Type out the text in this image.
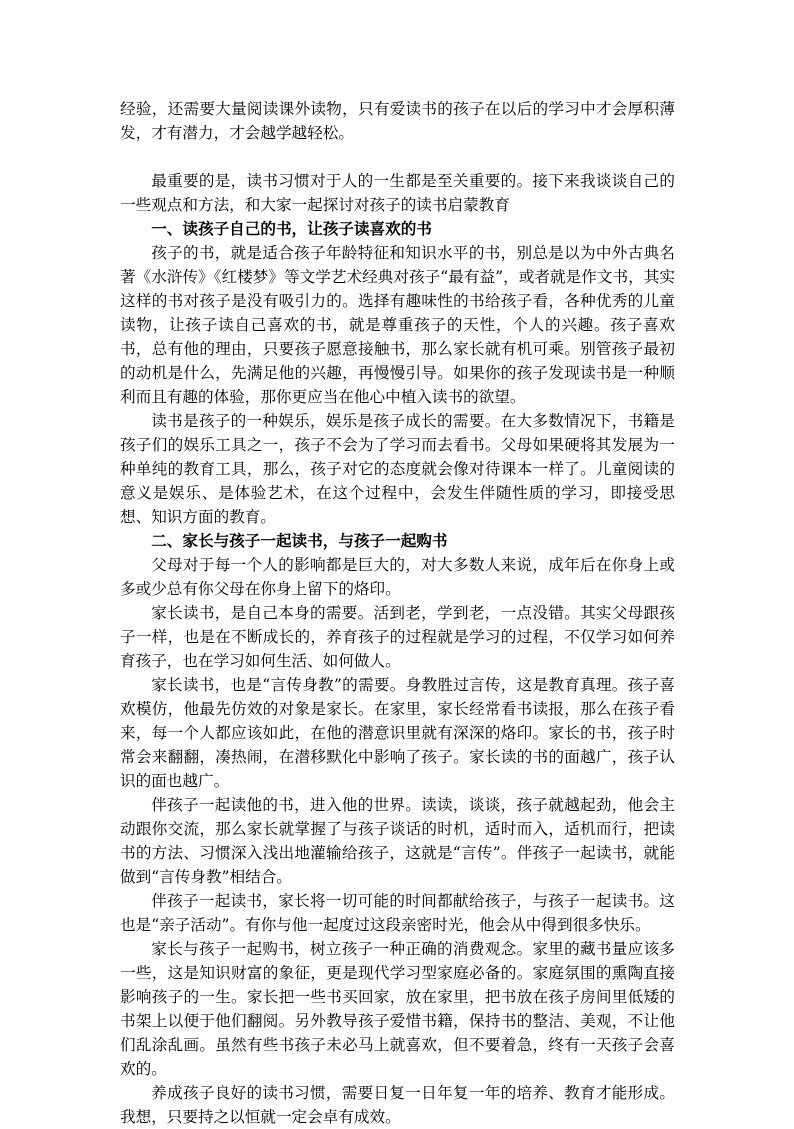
经验，还需要大量阅读课外读物，只有爱读书的孩子在以后的学习中才会厚积薄发，才有潜力，才会越学越轻松。

最重要的是，读书习惯对于人的一生都是至关重要的。接下来我谈谈自己的一些观点和方法，和大家一起探讨对孩子的读书启蒙教育

一、读孩子自己的书，让孩子读喜欢的书

孩子的书，就是适合孩子年龄特征和知识水平的书，别总是以为中外古典名著《水浒传》《红楼梦》等文学艺术经典对孩子“最有益”，或者就是作文书，其实这样的书对孩子是没有吸引力的。选择有趣味性的书给孩子看，各种优秀的儿童读物，让孩子读自己喜欢的书，就是尊重孩子的天性，个人的兴趣。孩子喜欢书，总有他的理由，只要孩子愿意接触书，那么家长就有机可乘。别管孩子最初的动机是什么，先满足他的兴趣，再慢慢引导。如果你的孩子发现读书是一种顺利而且有趣的体验，那你更应当在他心中植入读书的欲望。

读书是孩子的一种娱乐，娱乐是孩子成长的需要。在大多数情况下，书籍是孩子们的娱乐工具之一，孩子不会为了学习而去看书。父母如果硬将其发展为一种单纯的教育工具，那么，孩子对它的态度就会像对待课本一样了。儿童阅读的意义是娱乐、是体验艺术，在这个过程中，会发生伴随性质的学习，即接受思想、知识方面的教育。

二、家长与孩子一起读书，与孩子一起购书

父母对于每一个人的影响都是巨大的，对大多数人来说，成年后在你身上或多或少总有你父母在你身上留下的烙印。

家长读书，是自己本身的需要。活到老，学到老，一点没错。其实父母跟孩子一样，也是在不断成长的，养育孩子的过程就是学习的过程，不仅学习如何养育孩子，也在学习如何生活、如何做人。

家长读书，也是“言传身教”的需要。身教胜过言传，这是教育真理。孩子喜欢模仿，他最先仿效的对象是家长。在家里，家长经常看书读报，那么在孩子看来，每一个人都应该如此，在他的潜意识里就有深深的烙印。家长的书，孩子时常会来翻翻，凑热闹，在潜移默化中影响了孩子。家长读的书的面越广，孩子认识的面也越广。

伴孩子一起读他的书，进入他的世界。读读，谈谈，孩子就越起劲，他会主动跟你交流，那么家长就掌握了与孩子谈话的时机，适时而入，适机而行，把读书的方法、习惯深入浅出地灌输给孩子，这就是“言传”。伴孩子一起读书，就能做到“言传身教”相结合。

伴孩子一起读书，家长将一切可能的时间都献给孩子，与孩子一起读书。这也是“亲子活动”。有你与他一起度过这段亲密时光，他会从中得到很多快乐。

家长与孩子一起购书，树立孩子一种正确的消费观念。家里的藏书量应该多一些，这是知识财富的象征，更是现代学习型家庭必备的。家庭氛围的熏陶直接影响孩子的一生。家长把一些书买回家，放在家里，把书放在孩子房间里低矮的书架上以便于他们翻阅。另外教导孩子爱惜书籍，保持书的整洁、美观，不让他们乱涂乱画。虽然有些书孩子未必马上就喜欢，但不要着急，终有一天孩子会喜欢的。

养成孩子良好的读书习惯，需要日复一日年复一年的培养、教育才能形成。我想，只要持之以恒就一定会卓有成效。
